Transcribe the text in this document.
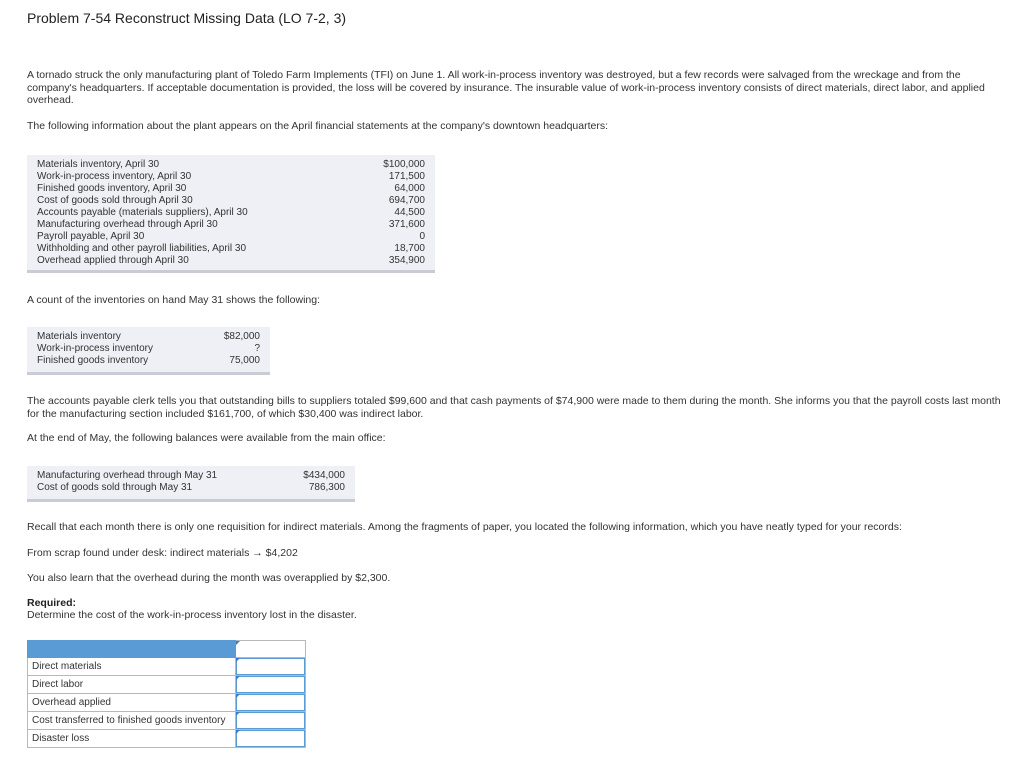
Problem 7-54 Reconstruct Missing Data (LO 7-2, 3)

A tornado struck the only manufacturing plant of Toledo Farm Implements (TFI) on June 1. All work-in-process inventory was destroyed, but a few records were salvaged from the wreckage and from the company's headquarters. If acceptable documentation is provided, the loss will be covered by insurance. The insurable value of work-in-process inventory consists of direct materials, direct labor, and applied overhead.

The following information about the plant appears on the April financial statements at the company's downtown headquarters:

Materials inventory, April 30	$100,000
Work-in-process inventory, April 30	171,500
Finished goods inventory, April 30	64,000
Cost of goods sold through April 30	694,700
Accounts payable (materials suppliers), April 30	44,500
Manufacturing overhead through April 30	371,600
Payroll payable, April 30	0
Withholding and other payroll liabilities, April 30	18,700
Overhead applied through April 30	354,900

A count of the inventories on hand May 31 shows the following:

Materials inventory	$82,000
Work-in-process inventory	?
Finished goods inventory	75,000

The accounts payable clerk tells you that outstanding bills to suppliers totaled $99,600 and that cash payments of $74,900 were made to them during the month. She informs you that the payroll costs last month for the manufacturing section included $161,700, of which $30,400 was indirect labor.

At the end of May, the following balances were available from the main office:

Manufacturing overhead through May 31	$434,000
Cost of goods sold through May 31	786,300

Recall that each month there is only one requisition for indirect materials. Among the fragments of paper, you located the following information, which you have neatly typed for your records:

From scrap found under desk: indirect materials → $4,202

You also learn that the overhead during the month was overapplied by $2,300.

Required:

Determine the cost of the work-in-process inventory lost in the disaster.

Direct materials	

Direct labor	

Overhead applied	

Cost transferred to finished goods inventory	

Disaster loss	
